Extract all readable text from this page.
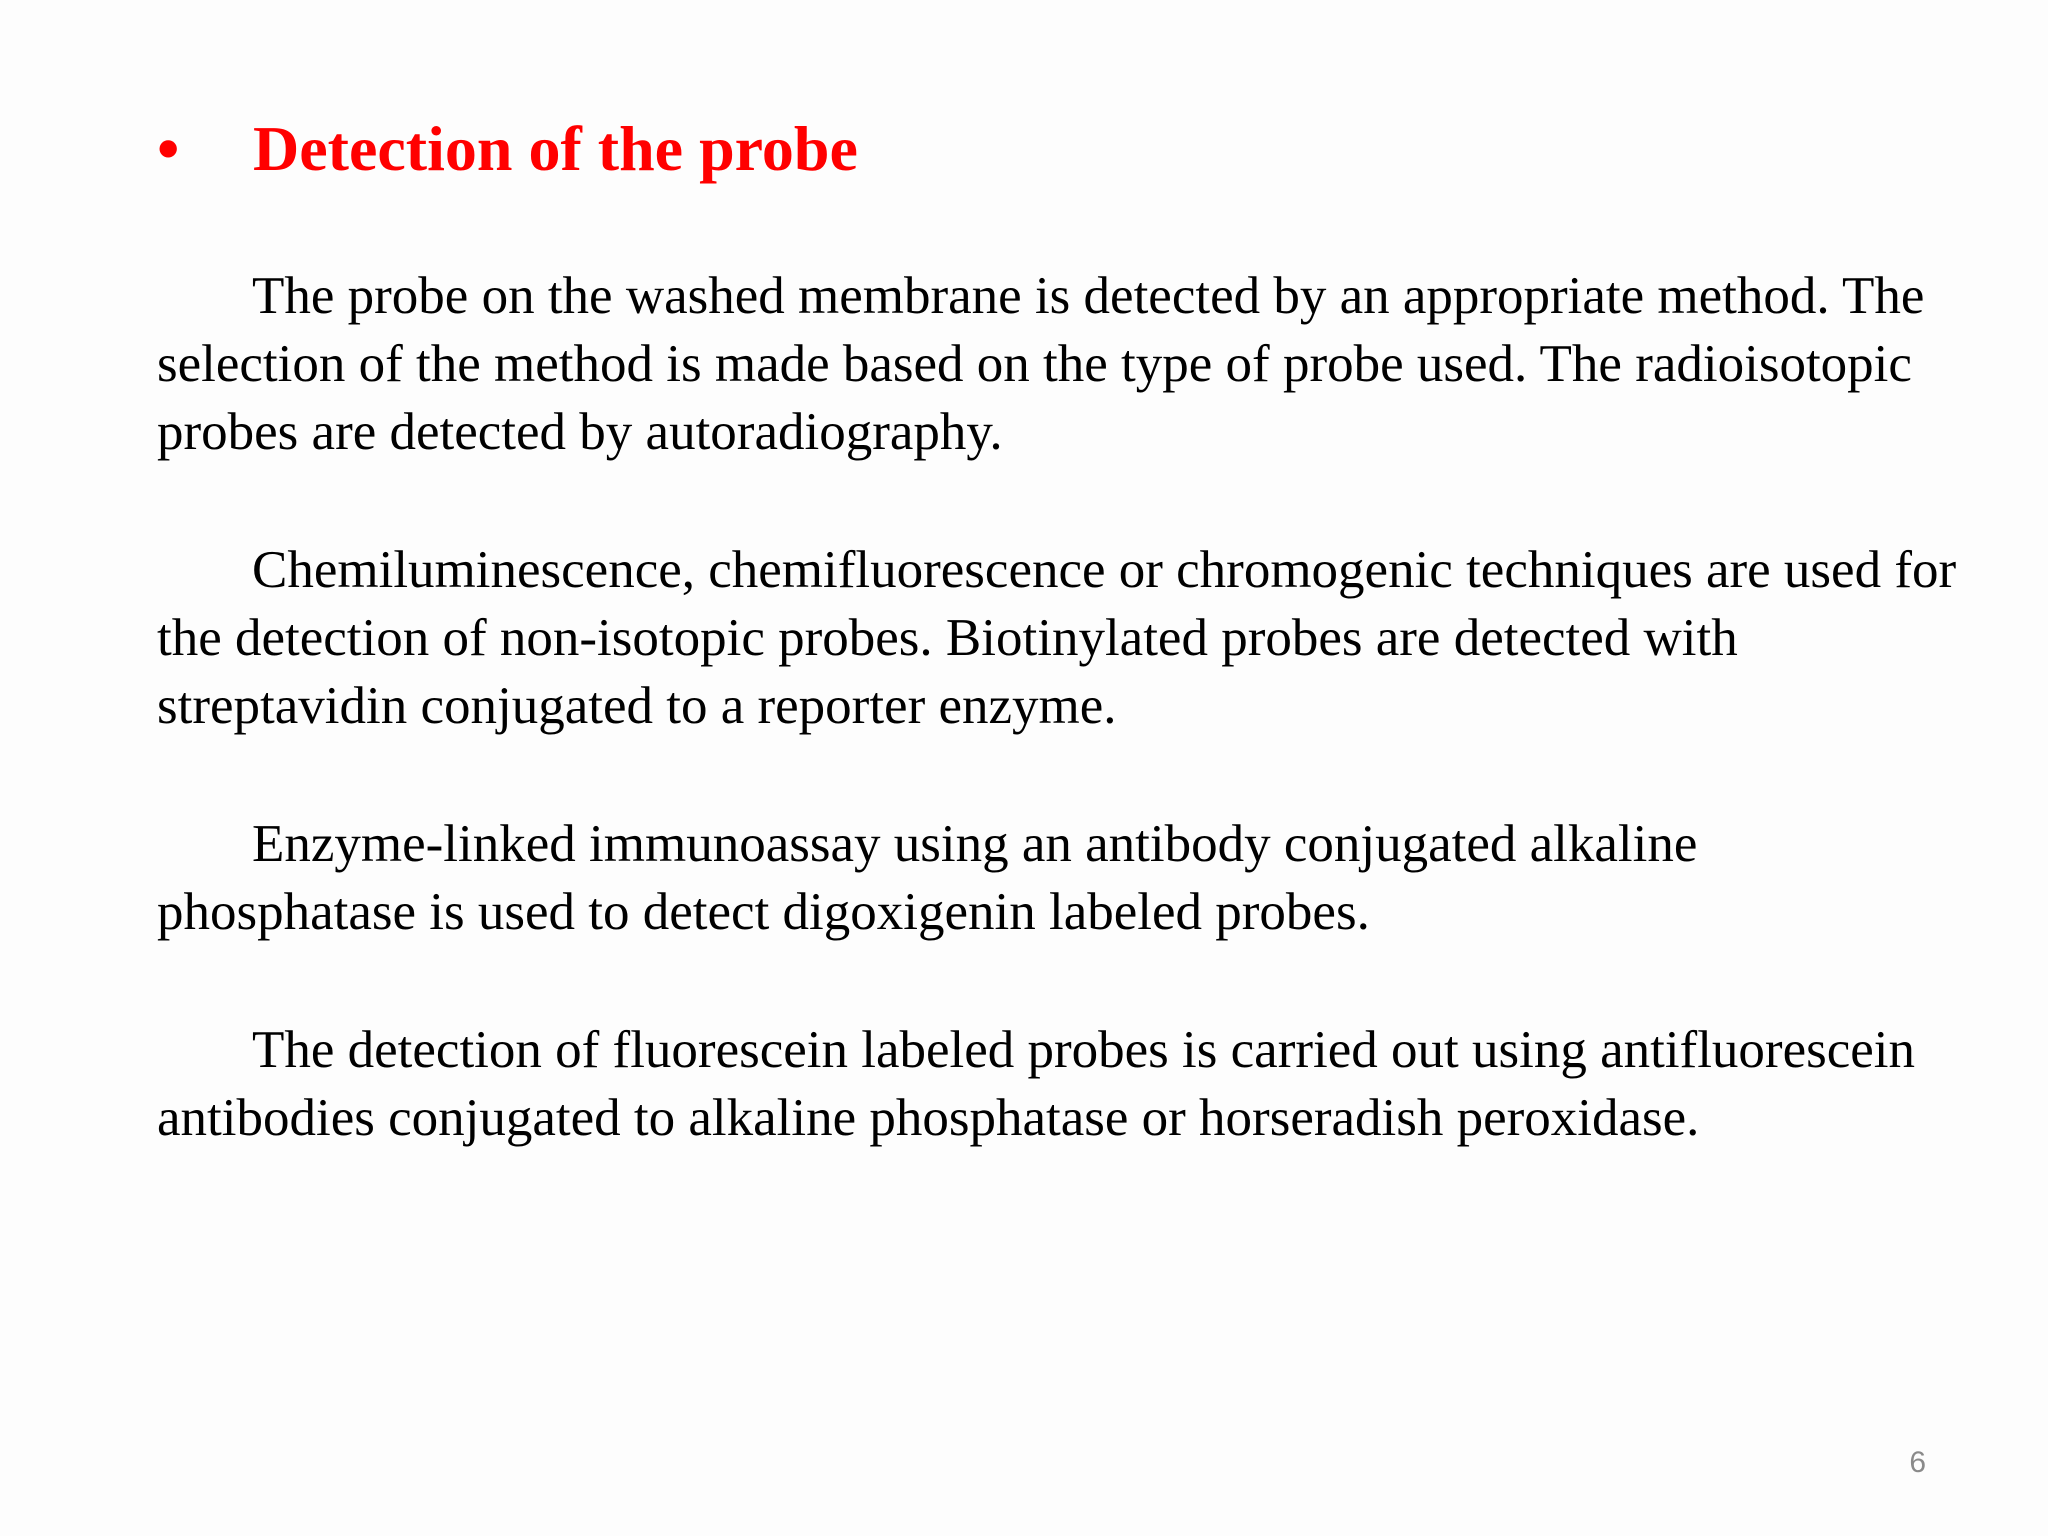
•	Detection of the probe

The probe on the washed membrane is detected by an appropriate method. The selection of the method is made based on the type of probe used. The radioisotopic probes are detected by autoradiography.

Chemiluminescence, chemifluorescence or chromogenic techniques are used for the detection of non-isotopic probes. Biotinylated probes are detected with streptavidin conjugated to a reporter enzyme.

Enzyme-linked immunoassay using an antibody conjugated alkaline phosphatase is used to detect digoxigenin labeled probes.

The detection of fluorescein labeled probes is carried out using antifluorescein antibodies conjugated to alkaline phosphatase or horseradish peroxidase.

6
